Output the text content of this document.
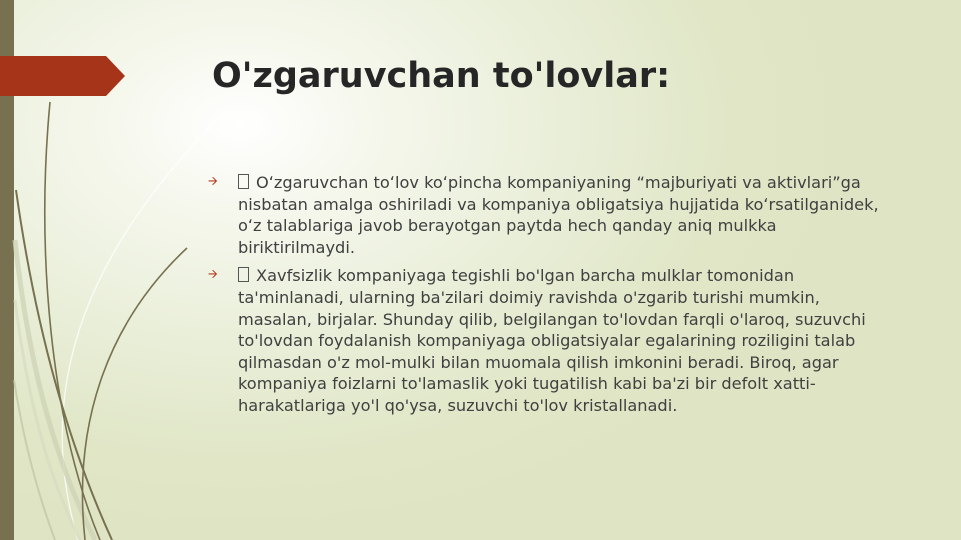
O'zgaruvchan to'lovlar:
🡪 Oʻzgaruvchan toʻlov koʻpincha kompaniyaning “majburiyati va aktivlari”ga nisbatan amalga oshiriladi va kompaniya obligatsiya hujjatida koʻrsatilganidek, oʻz talablariga javob berayotgan paytda hech qanday aniq mulkka biriktirilmaydi.
🡪 Xavfsizlik kompaniyaga tegishli bo'lgan barcha mulklar tomonidan ta'minlanadi, ularning ba'zilari doimiy ravishda o'zgarib turishi mumkin, masalan, birjalar. Shunday qilib, belgilangan to'lovdan farqli o'laroq, suzuvchi to'lovdan foydalanish kompaniyaga obligatsiyalar egalarining roziligini talab qilmasdan o'z mol-mulki bilan muomala qilish imkonini beradi. Biroq, agar kompaniya foizlarni to'lamaslik yoki tugatilish kabi ba'zi bir defolt xatti-harakatlariga yo'l qo'ysa, suzuvchi to'lov kristallanadi.
